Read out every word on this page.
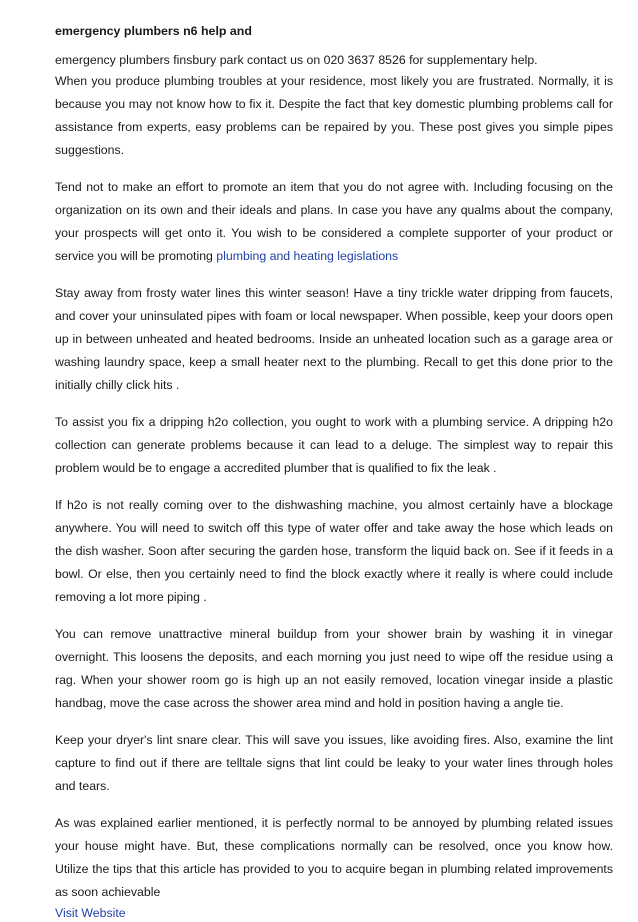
emergency plumbers n6 help and

emergency plumbers finsbury park contact us on 020 3637 8526 for supplementary help.
When you produce plumbing troubles at your residence, most likely you are frustrated. Normally, it is because you may not know how to fix it. Despite the fact that key domestic plumbing problems call for assistance from experts, easy problems can be repaired by you. These post gives you simple pipes suggestions.

Tend not to make an effort to promote an item that you do not agree with. Including focusing on the organization on its own and their ideals and plans. In case you have any qualms about the company, your prospects will get onto it. You wish to be considered a complete supporter of your product or service you will be promoting plumbing and heating legislations

Stay away from frosty water lines this winter season! Have a tiny trickle water dripping from faucets, and cover your uninsulated pipes with foam or local newspaper. When possible, keep your doors open up in between unheated and heated bedrooms. Inside an unheated location such as a garage area or washing laundry space, keep a small heater next to the plumbing. Recall to get this done prior to the initially chilly click hits .

To assist you fix a dripping h2o collection, you ought to work with a plumbing service. A dripping h2o collection can generate problems because it can lead to a deluge. The simplest way to repair this problem would be to engage a accredited plumber that is qualified to fix the leak .

If h2o is not really coming over to the dishwashing machine, you almost certainly have a blockage anywhere. You will need to switch off this type of water offer and take away the hose which leads on the dish washer. Soon after securing the garden hose, transform the liquid back on. See if it feeds in a bowl. Or else, then you certainly need to find the block exactly where it really is where could include removing a lot more piping .

You can remove unattractive mineral buildup from your shower brain by washing it in vinegar overnight. This loosens the deposits, and each morning you just need to wipe off the residue using a rag. When your shower room go is high up an not easily removed, location vinegar inside a plastic handbag, move the case across the shower area mind and hold in position having a angle tie.

Keep your dryer's lint snare clear. This will save you issues, like avoiding fires. Also, examine the lint capture to find out if there are telltale signs that lint could be leaky to your water lines through holes and tears.

As was explained earlier mentioned, it is perfectly normal to be annoyed by plumbing related issues your house might have. But, these complications normally can be resolved, once you know how. Utilize the tips that this article has provided to you to acquire began in plumbing related improvements as soon achievable

Visit Website
